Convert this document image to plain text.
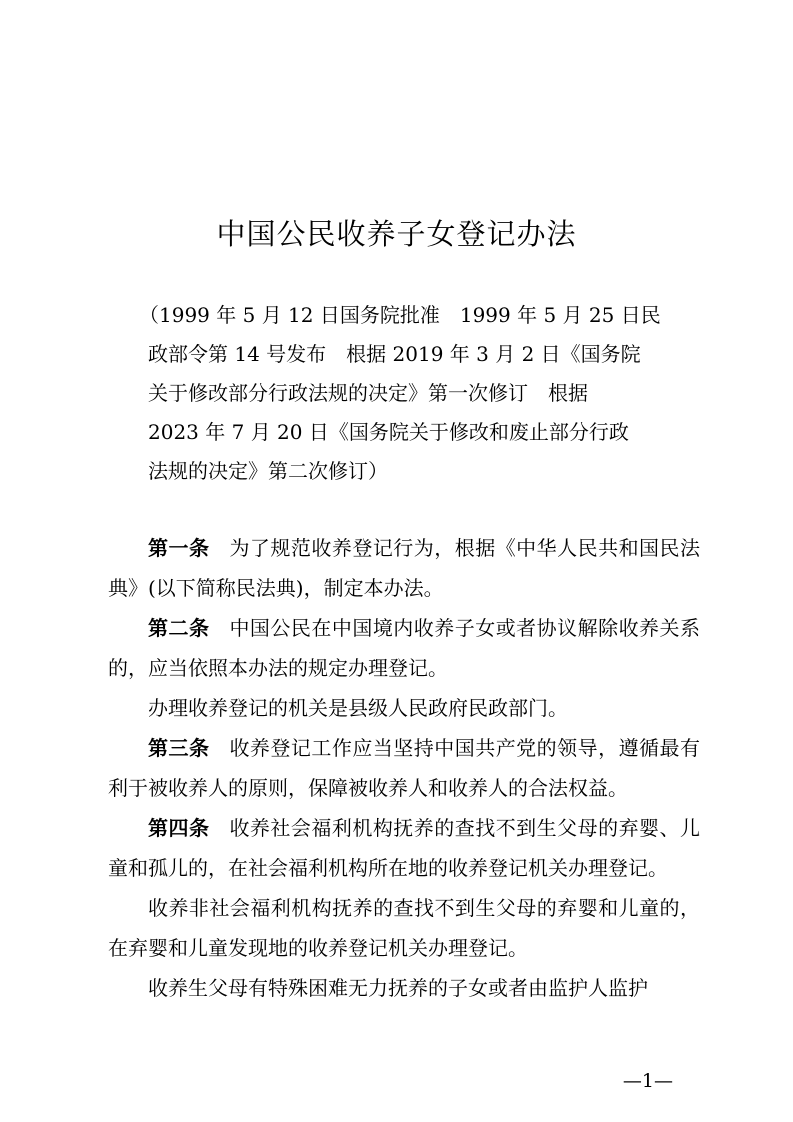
中国公民收养子女登记办法
（1999 年 5 月 12 日国务院批准　1999 年 5 月 25 日民
政部令第 14 号发布　根据 2019 年 3 月 2 日《国务院
关于修改部分行政法规的决定》第一次修订　根据
2023 年 7 月 20 日《国务院关于修改和废止部分行政
法规的决定》第二次修订）

第一条 为了规范收养登记行为，根据《中华人民共和国民法典》(以下简称民法典)，制定本办法。

第二条 中国公民在中国境内收养子女或者协议解除收养关系的，应当依照本办法的规定办理登记。

办理收养登记的机关是县级人民政府民政部门。

第三条 收养登记工作应当坚持中国共产党的领导，遵循最有利于被收养人的原则，保障被收养人和收养人的合法权益。

第四条 收养社会福利机构抚养的查找不到生父母的弃婴、儿童和孤儿的，在社会福利机构所在地的收养登记机关办理登记。

收养非社会福利机构抚养的查找不到生父母的弃婴和儿童的，在弃婴和儿童发现地的收养登记机关办理登记。

收养生父母有特殊困难无力抚养的子女或者由监护人监护

—1—
